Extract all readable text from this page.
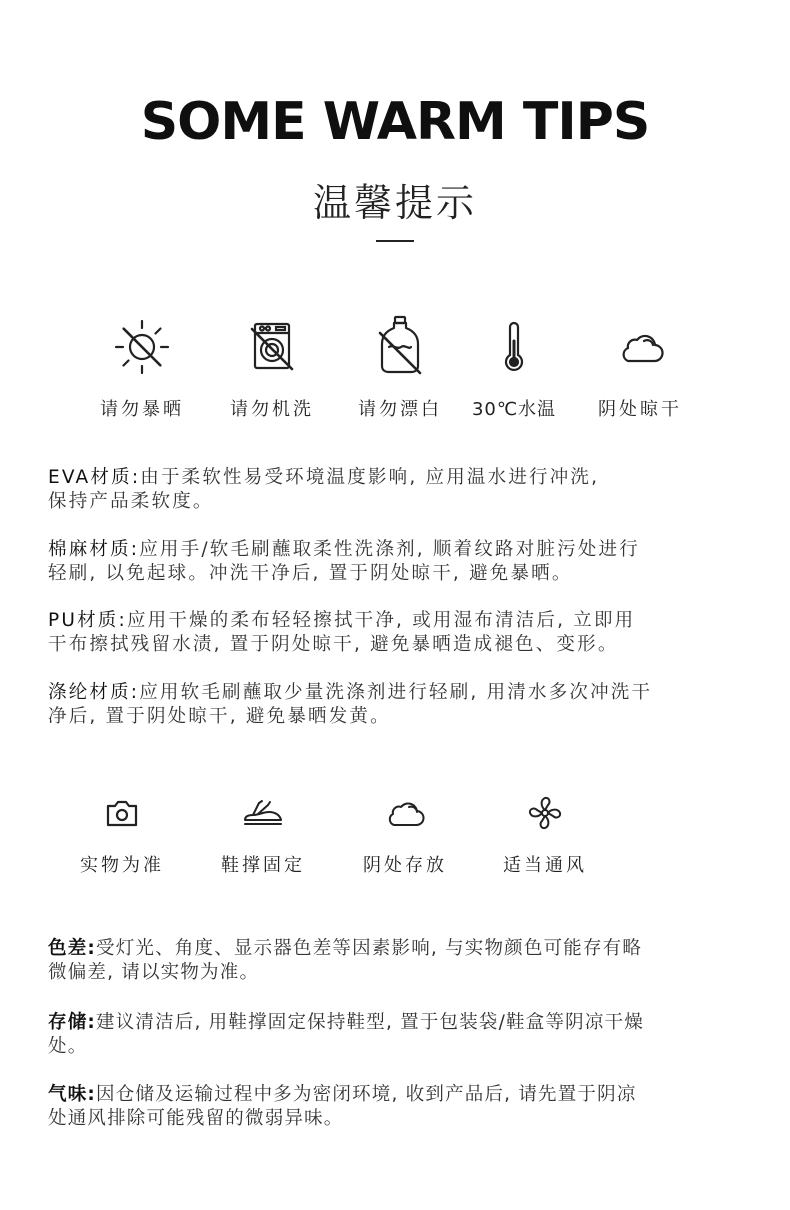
SOME WARM TIPS
温馨提示
请勿暴晒	请勿机洗	请勿漂白	30℃水温	阴处晾干
EVA材质:由于柔软性易受环境温度影响, 应用温水进行冲洗,
保持产品柔软度。
棉麻材质:应用手/软毛刷蘸取柔性洗涤剂, 顺着纹路对脏污处进行
轻刷, 以免起球。冲洗干净后, 置于阴处晾干, 避免暴晒。
PU材质:应用干燥的柔布轻轻擦拭干净, 或用湿布清洁后, 立即用
干布擦拭残留水渍, 置于阴处晾干, 避免暴晒造成褪色、变形。
涤纶材质:应用软毛刷蘸取少量洗涤剂进行轻刷, 用清水多次冲洗干
净后, 置于阴处晾干, 避免暴晒发黄。
实物为准	鞋撑固定	阴处存放	适当通风
色差:受灯光、角度、显示器色差等因素影响, 与实物颜色可能存有略
微偏差, 请以实物为准。
存储:建议清洁后, 用鞋撑固定保持鞋型, 置于包装袋/鞋盒等阴凉干燥
处。
气味:因仓储及运输过程中多为密闭环境, 收到产品后, 请先置于阴凉
处通风排除可能残留的微弱异味。
